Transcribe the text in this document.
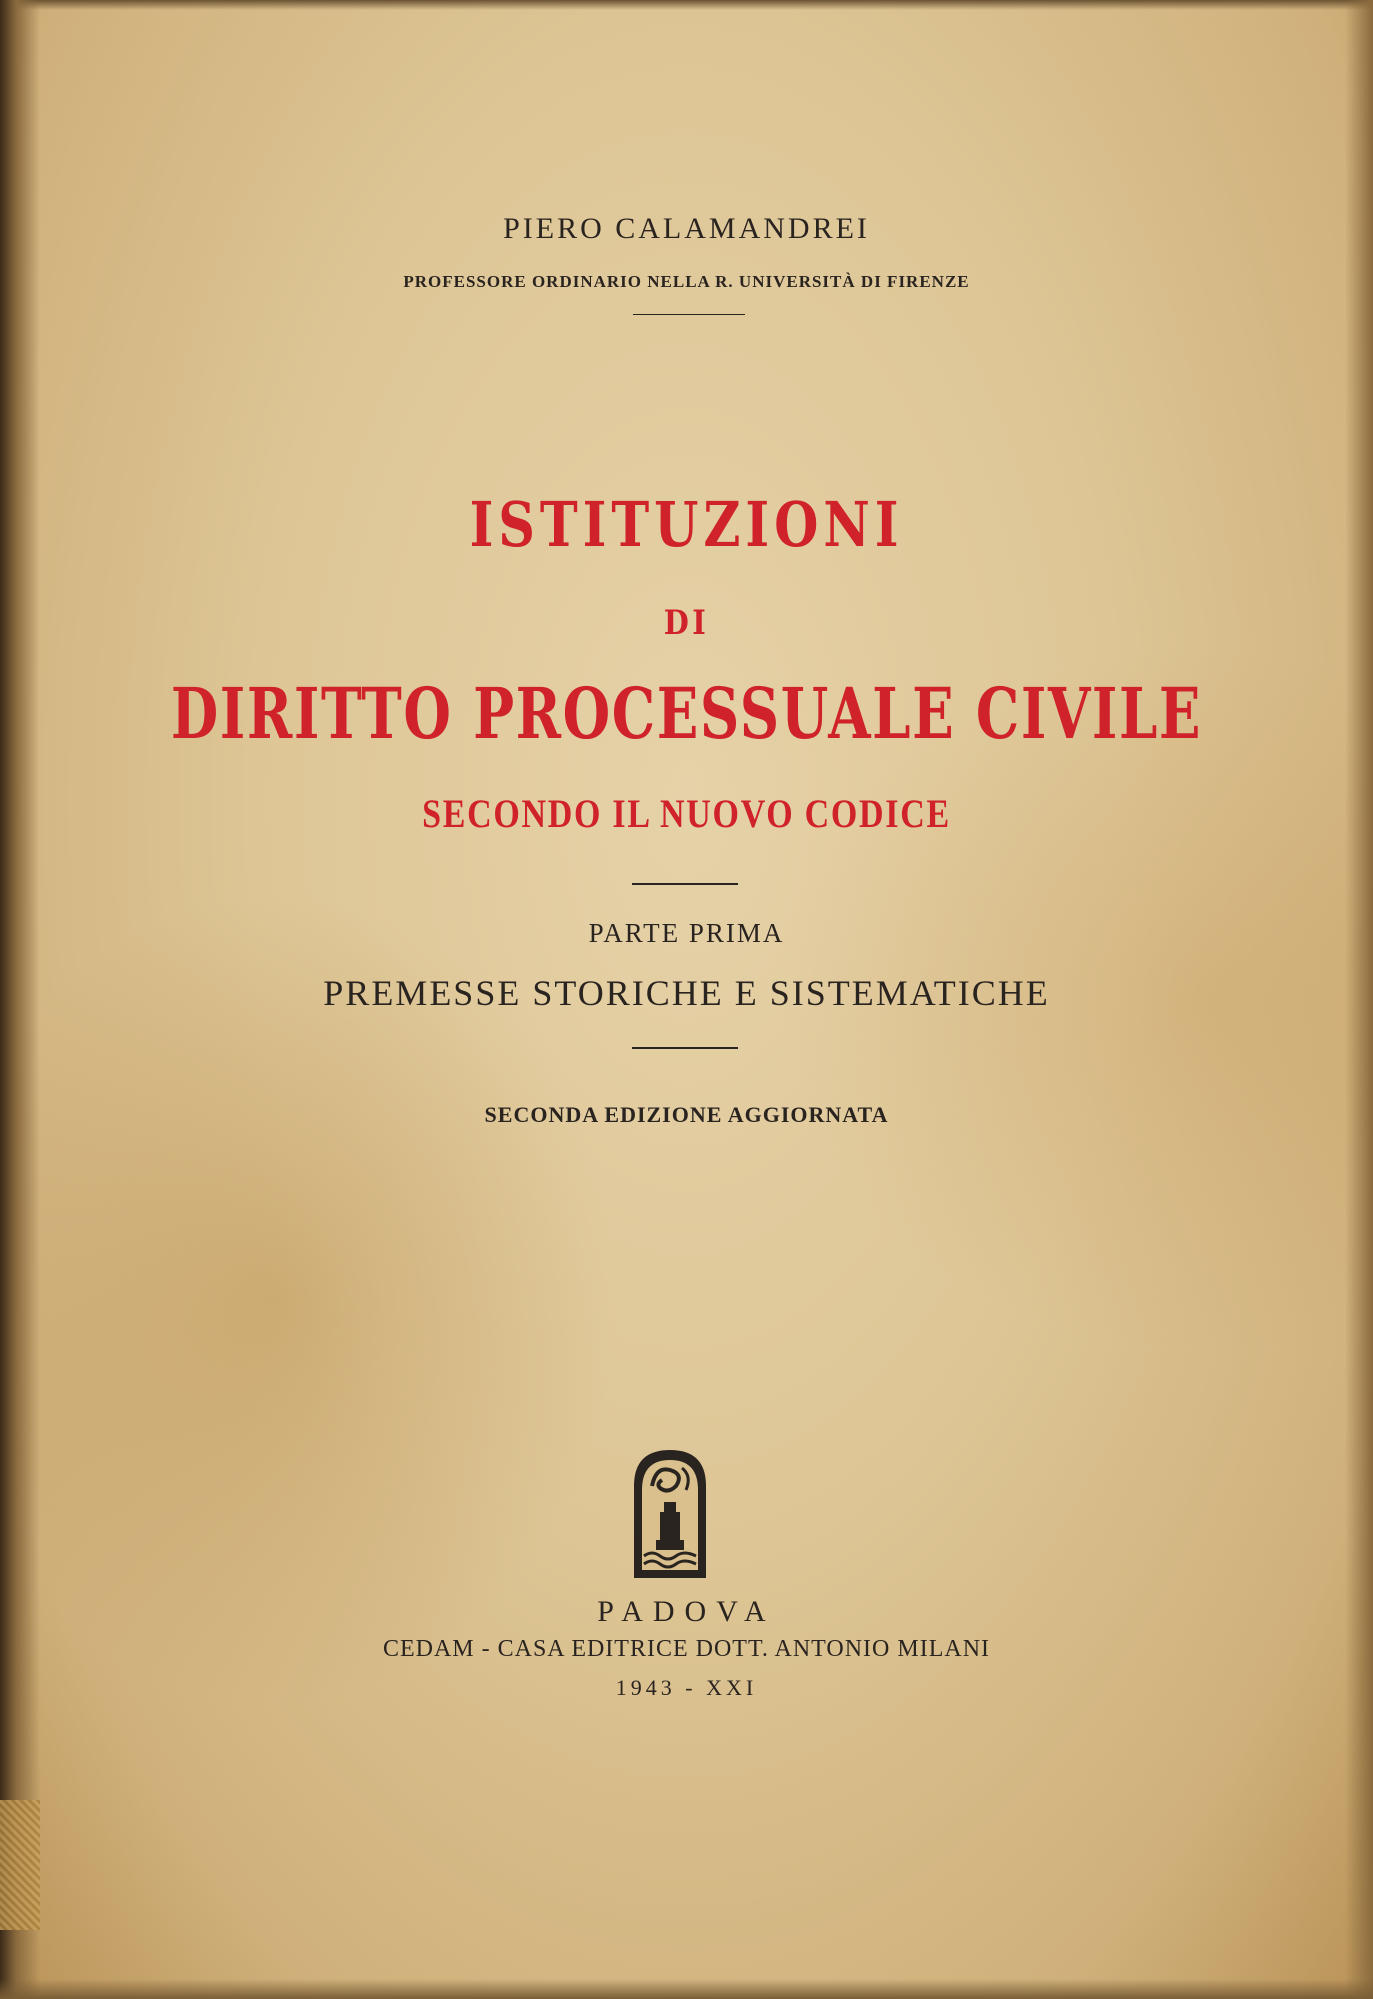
PIERO CALAMANDREI
PROFESSORE ORDINARIO NELLA R. UNIVERSITÀ DI FIRENZE
ISTITUZIONI
DI
DIRITTO PROCESSUALE CIVILE
SECONDO IL NUOVO CODICE
PARTE PRIMA
PREMESSE STORICHE E SISTEMATICHE
SECONDA EDIZIONE AGGIORNATA
PADOVA
CEDAM - CASA EDITRICE DOTT. ANTONIO MILANI
1943 - XXI
